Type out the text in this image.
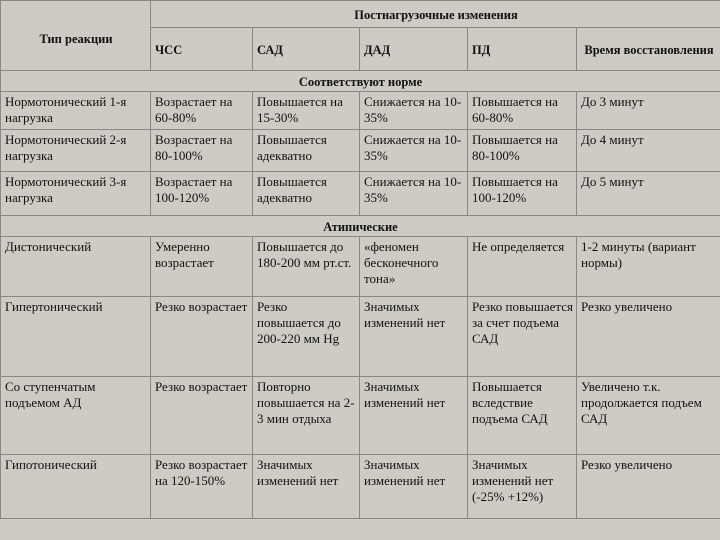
Тип реакции	Постнагрузочные изменения				
	ЧСС	САД	ДАД	ПД	Время восстановления
Соответствуют норме					
Нормотонический 1-я нагрузка	Возрастает на 60-80%	Повышается на 15-30%	Снижается на 10-35%	Повышается на 60-80%	До 3 минут
Нормотонический 2-я нагрузка	Возрастает на 80-100%	Повышается адекватно	Снижается на 10-35%	Повышается на 80-100%	До 4 минут
Нормотонический 3-я нагрузка	Возрастает на 100-120%	Повышается адекватно	Снижается на 10-35%	Повышается на 100-120%	До 5 минут
Атипические					
Дистонический	Умеренно возрастает	Повышается до 180-200 мм рт.ст.	«феномен бесконечного тона»	Не определяется	1-2 минуты (вариант нормы)
Гипертонический	Резко возрастает	Резко повышается до 200-220 мм Hg	Значимых изменений нет	Резко повышается за счет подъема САД	Резко увеличено
Со ступенчатым подъемом АД	Резко возрастает	Повторно повышается на 2-3 мин отдыха	Значимых изменений нет	Повышается вследствие подъема САД	Увеличено т.к. продолжается подъем САД
Гипотонический	Резко возрастает на 120-150%	Значимых изменений нет	Значимых изменений нет	Значимых изменений нет (-25% +12%)	Резко увеличено
